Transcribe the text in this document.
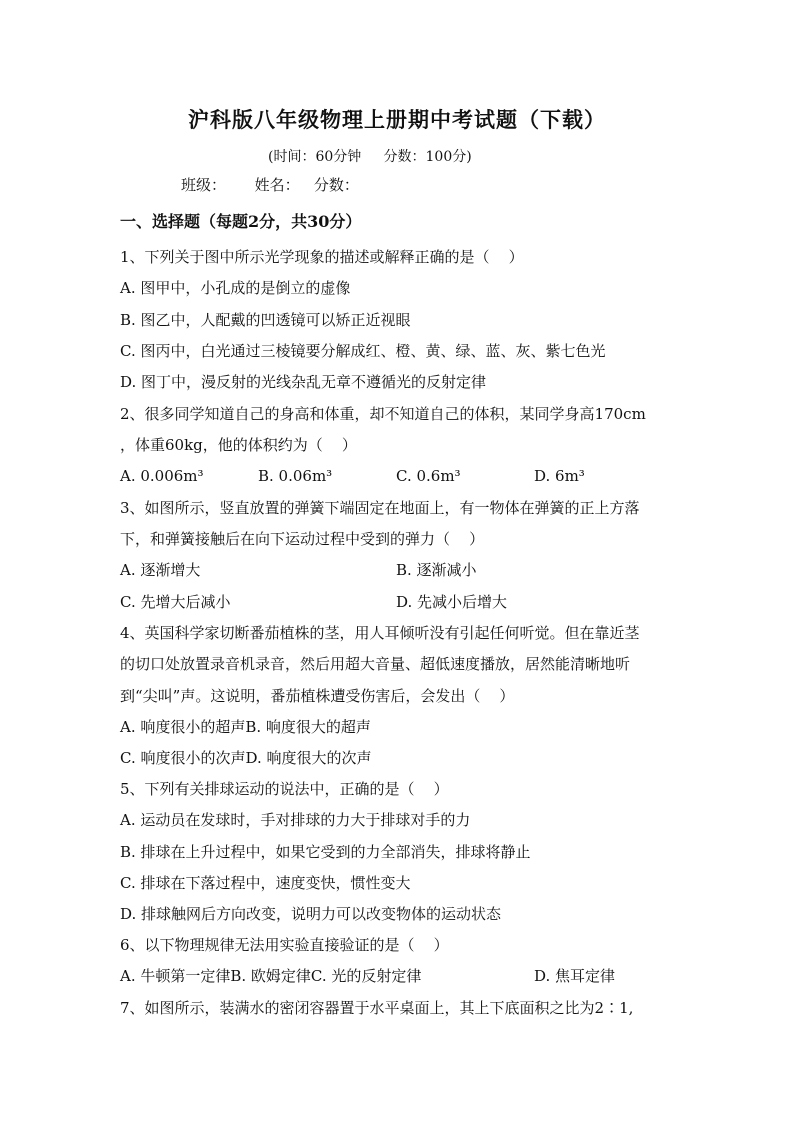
沪科版八年级物理上册期中考试题（下载）
(时间：60分钟     分数：100分)
班级：      姓名：   分数：
一、选择题（每题2分，共30分）
1、下列关于图中所示光学现象的描述或解释正确的是（    ）
A. 图甲中，小孔成的是倒立的虚像
B. 图乙中，人配戴的凹透镜可以矫正近视眼
C. 图丙中，白光通过三棱镜要分解成红、橙、黄、绿、蓝、灰、紫七色光
D. 图丁中，漫反射的光线杂乱无章不遵循光的反射定律
2、很多同学知道自己的身高和体重，却不知道自己的体积，某同学身高170cm
，体重60kg，他的体积约为（    ）
A. 0.006m³	B. 0.06m³	C. 0.6m³	D. 6m³
3、如图所示，竖直放置的弹簧下端固定在地面上，有一物体在弹簧的正上方落
下，和弹簧接触后在向下运动过程中受到的弹力（    ）
A. 逐渐增大	B. 逐渐减小
C. 先增大后减小	D. 先减小后增大
4、英国科学家切断番茄植株的茎，用人耳倾听没有引起任何听觉。但在靠近茎
的切口处放置录音机录音，然后用超大音量、超低速度播放，居然能清晰地听
到“尖叫”声。这说明，番茄植株遭受伤害后，会发出（    ）
A. 响度很小的超声B. 响度很大的超声
C. 响度很小的次声D. 响度很大的次声
5、下列有关排球运动的说法中，正确的是（    ）
A. 运动员在发球时，手对排球的力大于排球对手的力
B. 排球在上升过程中，如果它受到的力全部消失，排球将静止
C. 排球在下落过程中，速度变快，惯性变大
D. 排球触网后方向改变，说明力可以改变物体的运动状态
6、以下物理规律无法用实验直接验证的是（    ）
A. 牛顿第一定律B. 欧姆定律C. 光的反射定律	D. 焦耳定律
7、如图所示，装满水的密闭容器置于水平桌面上，其上下底面积之比为2∶1,
